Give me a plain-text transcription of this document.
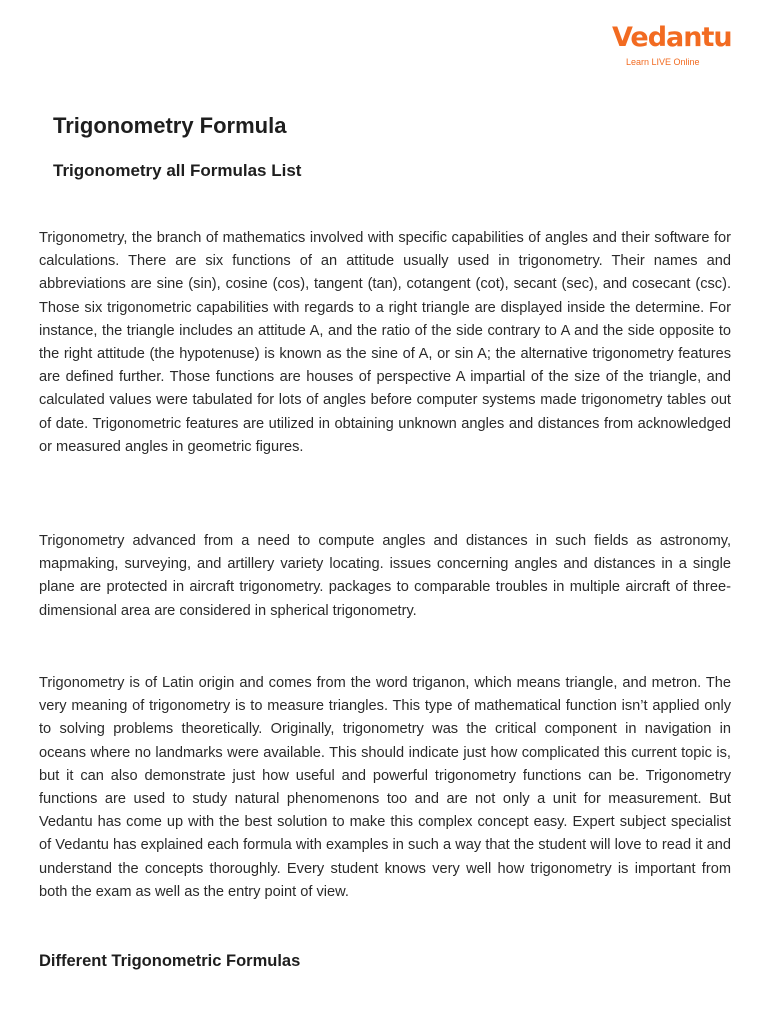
Vedantu
Learn LIVE Online
Trigonometry Formula
Trigonometry all Formulas List

Trigonometry, the branch of mathematics involved with specific capabilities of angles and their software for calculations. There are six functions of an attitude usually used in trigonometry. Their names and abbreviations are sine (sin), cosine (cos), tangent (tan), cotangent (cot), secant (sec), and cosecant (csc). Those six trigonometric capabilities with regards to a right triangle are displayed inside the determine. For instance, the triangle includes an attitude A, and the ratio of the side contrary to A and the side opposite to the right attitude (the hypotenuse) is known as the sine of A, or sin A; the alternative trigonometry features are defined further. Those functions are houses of perspective A impartial of the size of the triangle, and calculated values were tabulated for lots of angles before computer systems made trigonometry tables out of date. Trigonometric features are utilized in obtaining unknown angles and distances from acknowledged or measured angles in geometric figures.

Trigonometry advanced from a need to compute angles and distances in such fields as astronomy, mapmaking, surveying, and artillery variety locating. issues concerning angles and distances in a single plane are protected in aircraft trigonometry. packages to comparable troubles in multiple aircraft of three-dimensional area are considered in spherical trigonometry.

Trigonometry is of Latin origin and comes from the word triganon, which means triangle, and metron. The very meaning of trigonometry is to measure triangles. This type of mathematical function isn’t applied only to solving problems theoretically. Originally, trigonometry was the critical component in navigation in oceans where no landmarks were available. This should indicate just how complicated this current topic is, but it can also demonstrate just how useful and powerful trigonometry functions can be. Trigonometry functions are used to study natural phenomenons too and are not only a unit for measurement. But Vedantu has come up with the best solution to make this complex concept easy. Expert subject specialist of Vedantu has explained each formula with examples in such a way that the student will love to read it and understand the concepts thoroughly. Every student knows very well how trigonometry is important from both the exam as well as the entry point of view.

Different Trigonometric Formulas
